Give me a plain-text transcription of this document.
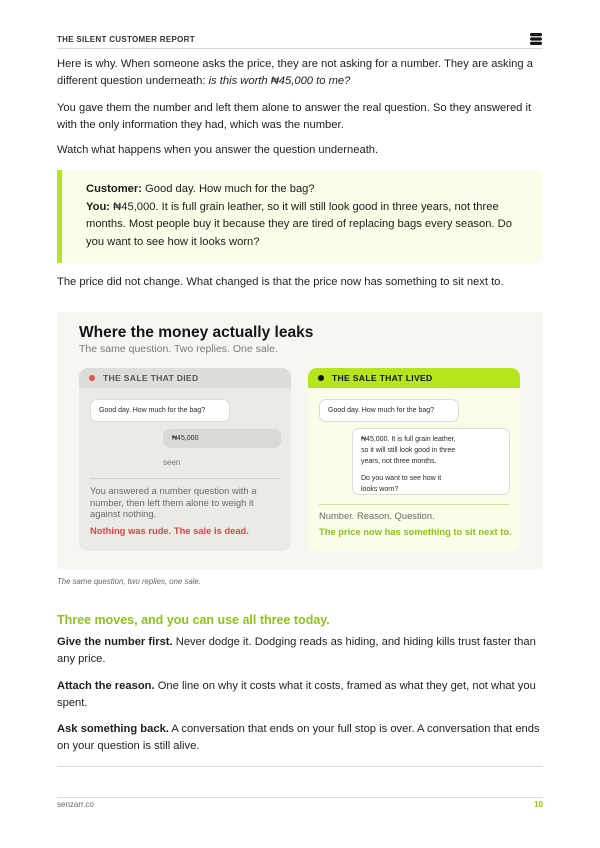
THE SILENT CUSTOMER REPORT

Here is why. When someone asks the price, they are not asking for a number. They are asking a different question underneath: is this worth ₦45,000 to me?

You gave them the number and left them alone to answer the real question. So they answered it with the only information they had, which was the number.

Watch what happens when you answer the question underneath.

Customer: Good day. How much for the bag?
You: ₦45,000. It is full grain leather, so it will still look good in three years, not three months. Most people buy it because they are tired of replacing bags every season. Do you want to see how it looks worn?

The price did not change. What changed is that the price now has something to sit next to.

Where the money actually leaks
The same question. Two replies. One sale.
THE SALE THAT DIED
Good day. How much for the bag?
₦45,000
seen
You answered a number question with a number, then left them alone to weigh it against nothing.
Nothing was rude. The sale is dead.
THE SALE THAT LIVED
Good day. How much for the bag?
₦45,000. It is full grain leather,
so it will still look good in three
years, not three months.
Do you want to see how it
looks worn?
Number. Reason. Question.
The price now has something to sit next to.
The same question, two replies, one sale.
Three moves, and you can use all three today.

Give the number first. Never dodge it. Dodging reads as hiding, and hiding kills trust faster than any price.

Attach the reason. One line on why it costs what it costs, framed as what they get, not what you spent.

Ask something back. A conversation that ends on your full stop is over. A conversation that ends on your question is still alive.

senzarr.co	10
